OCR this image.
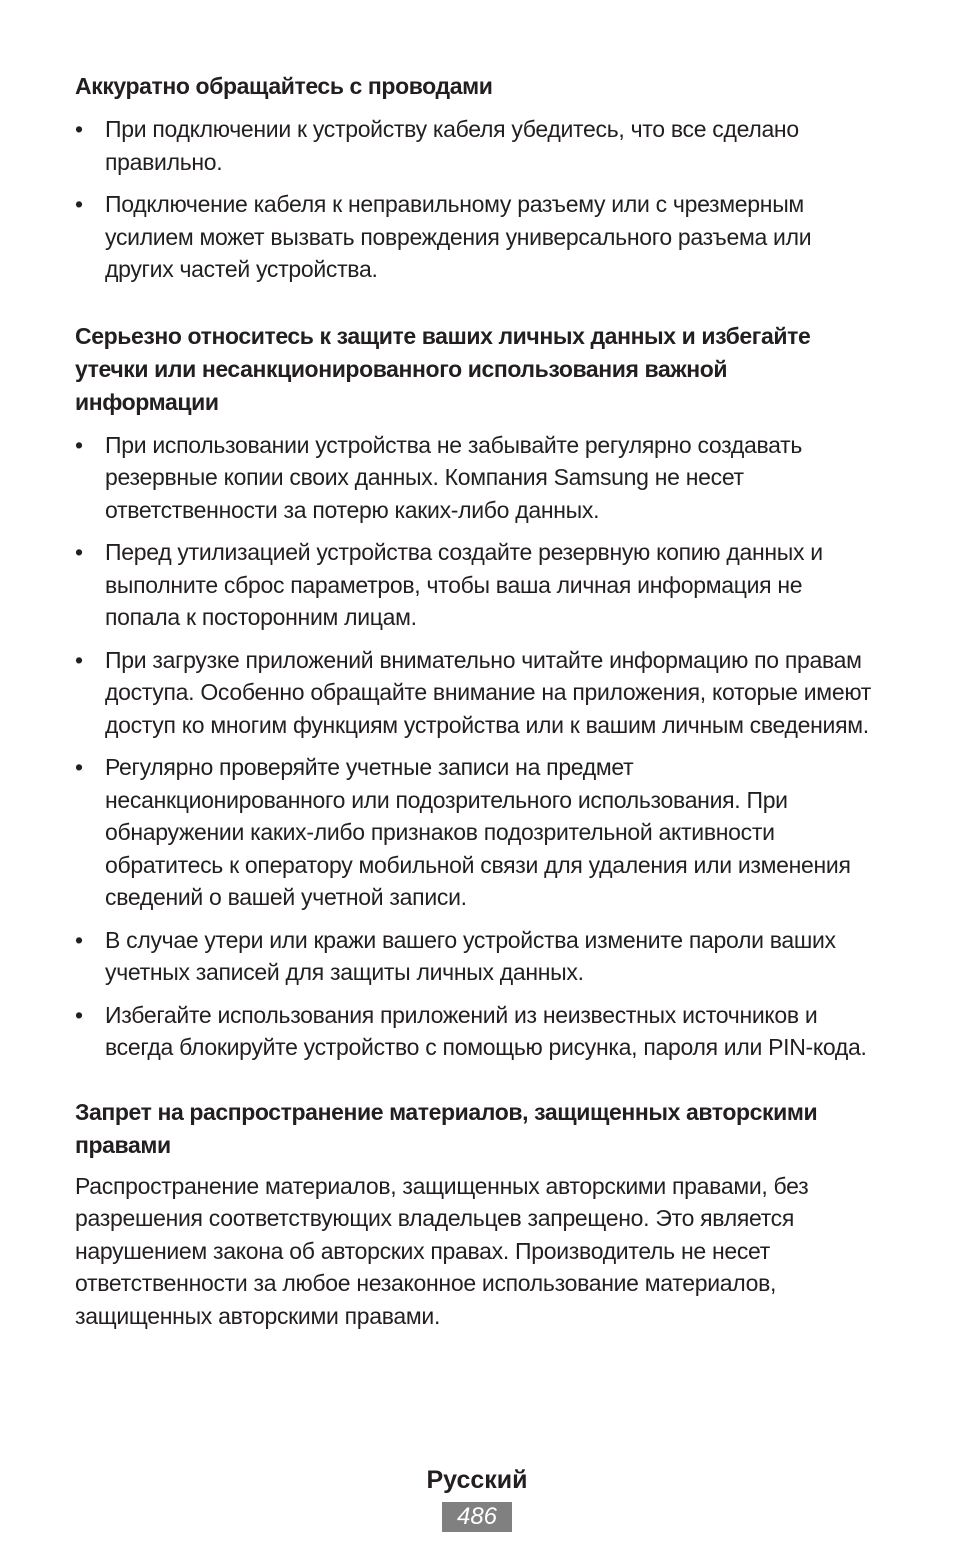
Аккуратно обращайтесь с проводами
• При подключении к устройству кабеля убедитесь, что все сделано правильно.
• Подключение кабеля к неправильному разъему или с чрезмерным усилием может вызвать повреждения универсального разъема или других частей устройства.
Серьезно относитесь к защите ваших личных данных и избегайте утечки или несанкционированного использования важной информации
• При использовании устройства не забывайте регулярно создавать резервные копии своих данных. Компания Samsung не несет ответственности за потерю каких-либо данных.
• Перед утилизацией устройства создайте резервную копию данных и выполните сброс параметров, чтобы ваша личная информация не попала к посторонним лицам.
• При загрузке приложений внимательно читайте информацию по правам доступа. Особенно обращайте внимание на приложения, которые имеют доступ ко многим функциям устройства или к вашим личным сведениям.
• Регулярно проверяйте учетные записи на предмет несанкционированного или подозрительного использования. При обнаружении каких-либо признаков подозрительной активности обратитесь к оператору мобильной связи для удаления или изменения сведений о вашей учетной записи.
• В случае утери или кражи вашего устройства измените пароли ваших учетных записей для защиты личных данных.
• Избегайте использования приложений из неизвестных источников и всегда блокируйте устройство с помощью рисунка, пароля или PIN-кода.
Запрет на распространение материалов, защищенных авторскими правами

Распространение материалов, защищенных авторскими правами, без разрешения соответствующих владельцев запрещено. Это является нарушением закона об авторских правах. Производитель не несет ответственности за любое незаконное использование материалов, защищенных авторскими правами.

Русский

486
